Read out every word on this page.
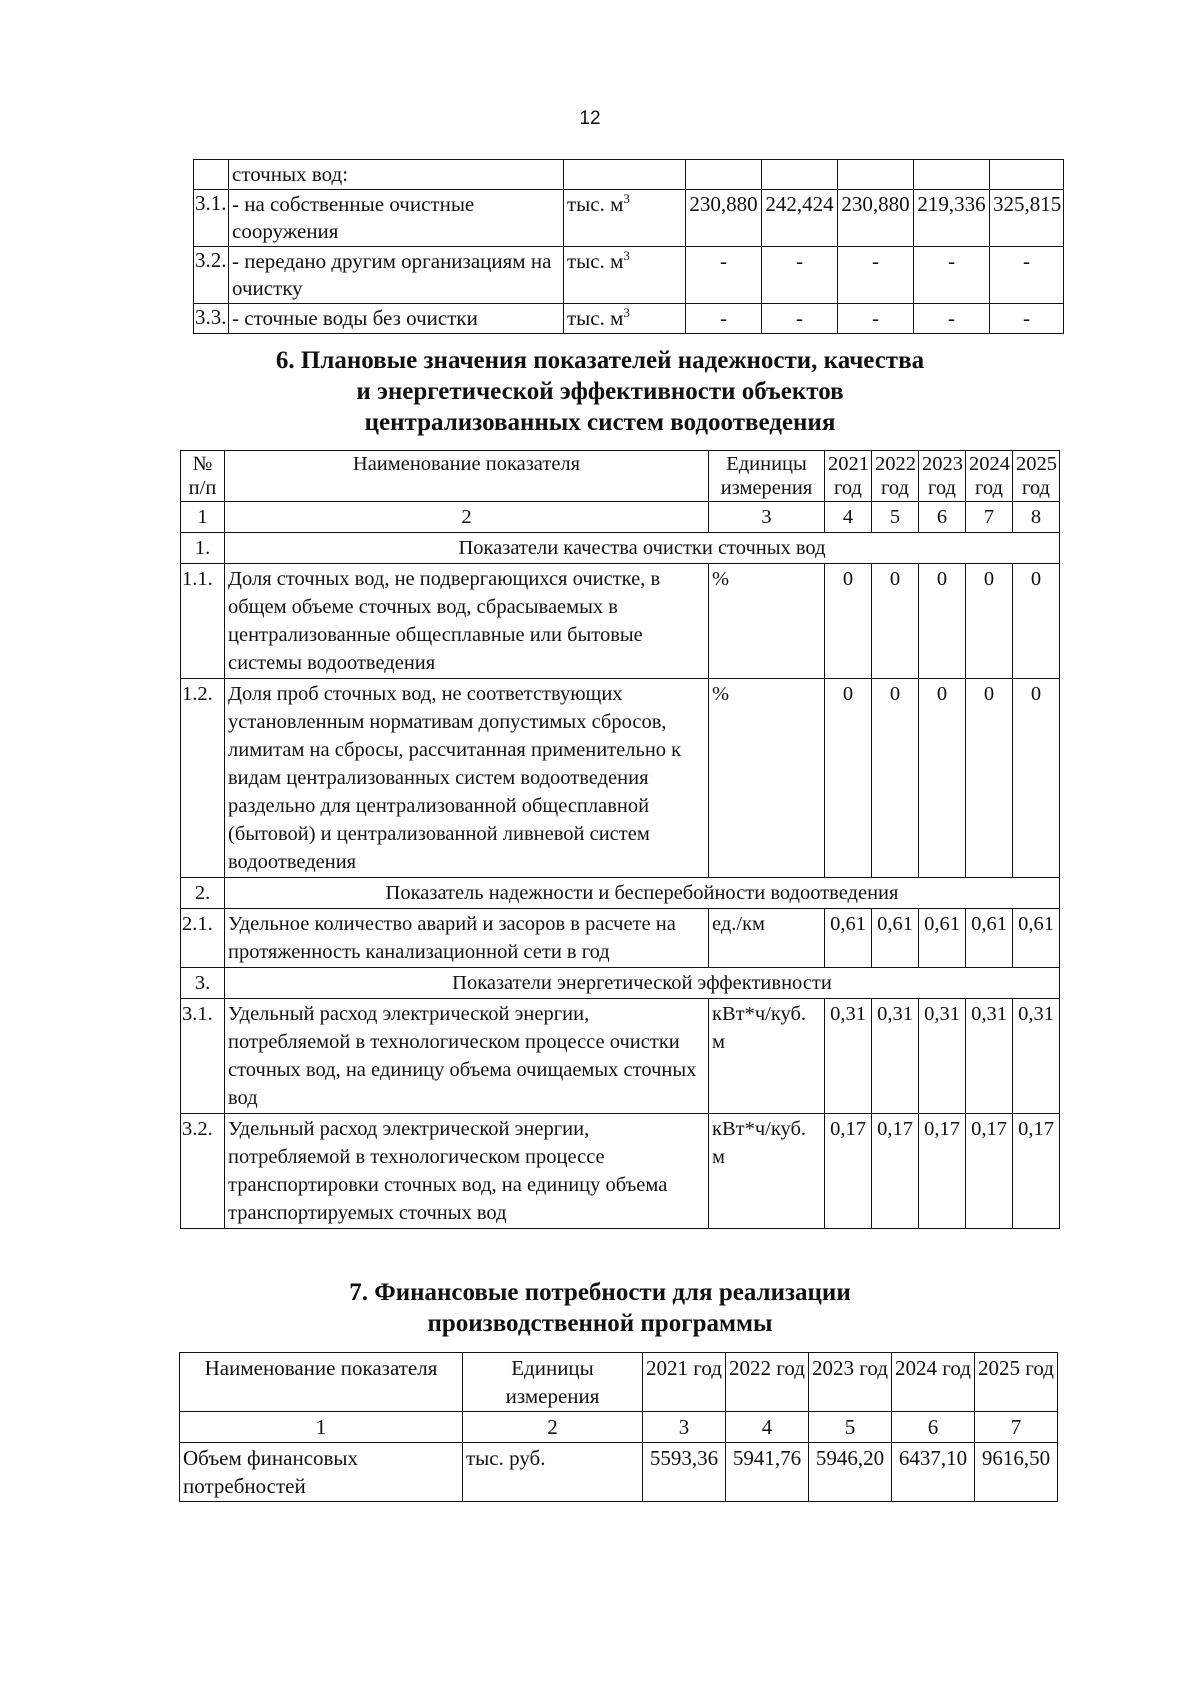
12
	сточных вод:						
3.1.	- на собственные очистные сооружения	тыс. $м^3$	230,880	242,424	230,880	219,336	325,815
3.2.	- передано другим организациям на очистку	тыс. $м^3$	-	-	-	-	-
3.3.	- сточные воды без очистки	тыс. $м^3$	-	-	-	-	-
6. Плановые значения показателей надежности, качества
и энергетической эффективности объектов
централизованных систем водоотведения
№ п/п	Наименование показателя	Единицы измерения	2021 год	2022 год	2023 год	2024 год	2025 год
1	2	3	4	5	6	7	8
1.	Показатели качества очистки сточных вод						
1.1.	Доля сточных вод, не подвергающихся очистке, в общем объеме сточных вод, сбрасываемых в централизованные общесплавные или бытовые системы водоотведения	%	0	0	0	0	0
1.2.	Доля проб сточных вод, не соответствующих установленным нормативам допустимых сбросов, лимитам на сбросы, рассчитанная применительно к видам централизованных систем водоотведения раздельно для централизованной общесплавной (бытовой) и централизованной ливневой систем водоотведения	%	0	0	0	0	0
2.	Показатель надежности и бесперебойности водоотведения						
2.1.	Удельное количество аварий и засоров в расчете на протяженность канализационной сети в год	ед./км	0,61	0,61	0,61	0,61	0,61
3.	Показатели энергетической эффективности						
3.1.	Удельный расход электрической энергии, потребляемой в технологическом процессе очистки сточных вод, на единицу объема очищаемых сточных вод	кВт*ч/куб. м	0,31	0,31	0,31	0,31	0,31
3.2.	Удельный расход электрической энергии, потребляемой в технологическом процессе транспортировки сточных вод, на единицу объема транспортируемых сточных вод	кВт*ч/куб. м	0,17	0,17	0,17	0,17	0,17
7. Финансовые потребности для реализации
производственной программы
Наименование показателя	Единицы измерения	2021 год	2022 год	2023 год	2024 год	2025 год
1	2	3	4	5	6	7
Объем финансовых потребностей	тыс. руб.	5593,36	5941,76	5946,20	6437,10	9616,50
